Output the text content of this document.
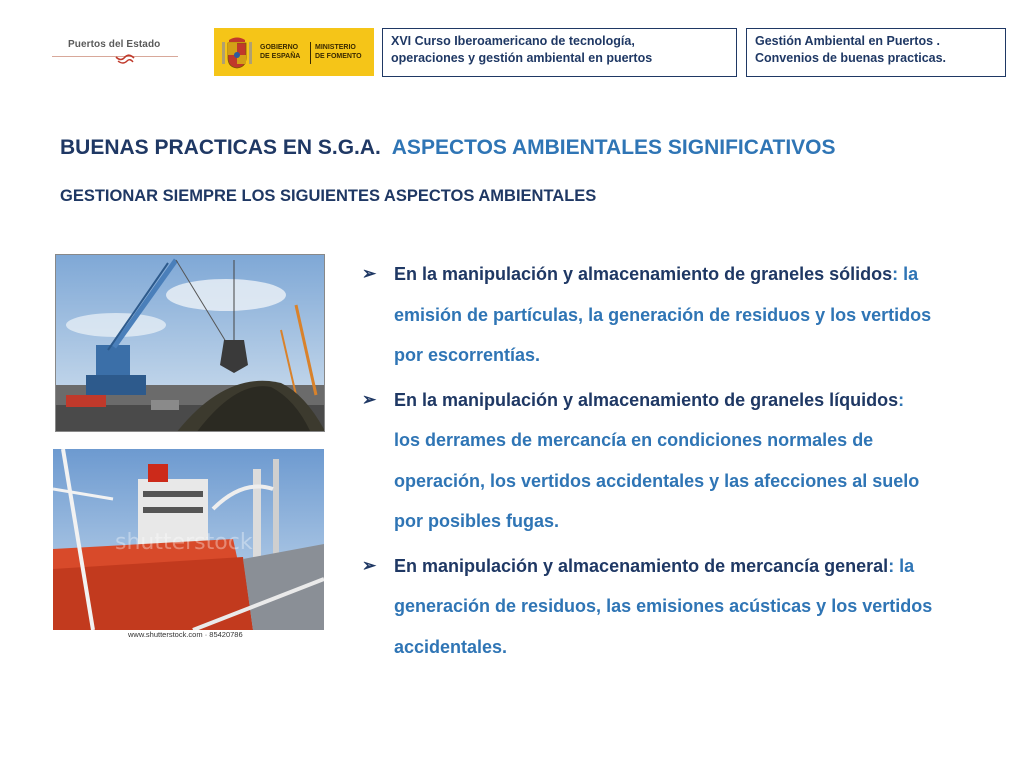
Puertos del Estado	GOBIERNO
DE ESPAÑA
MINISTERIO
DE FOMENTO
XVI Curso Iberoamericano de tecnología,
operaciones y gestión ambiental en puertos
Gestión Ambiental en Puertos .
Convenios de buenas practicas.
BUENAS PRACTICAS EN S.G.A. ASPECTOS AMBIENTALES SIGNIFICATIVOS
GESTIONAR SIEMPRE LOS SIGUIENTES ASPECTOS AMBIENTALES
shutterstock
www.shutterstock.com · 85420786
➢ En la manipulación y almacenamiento de graneles sólidos: la
emisión de partículas, la generación de residuos y los vertidos
por escorrentías.
➢ En la manipulación y almacenamiento de graneles líquidos:
los derrames de mercancía en condiciones normales de
operación, los vertidos accidentales y las afecciones al suelo
por posibles fugas.
➢ En manipulación y almacenamiento de mercancía general: la
generación de residuos, las emisiones acústicas y los vertidos
accidentales.
